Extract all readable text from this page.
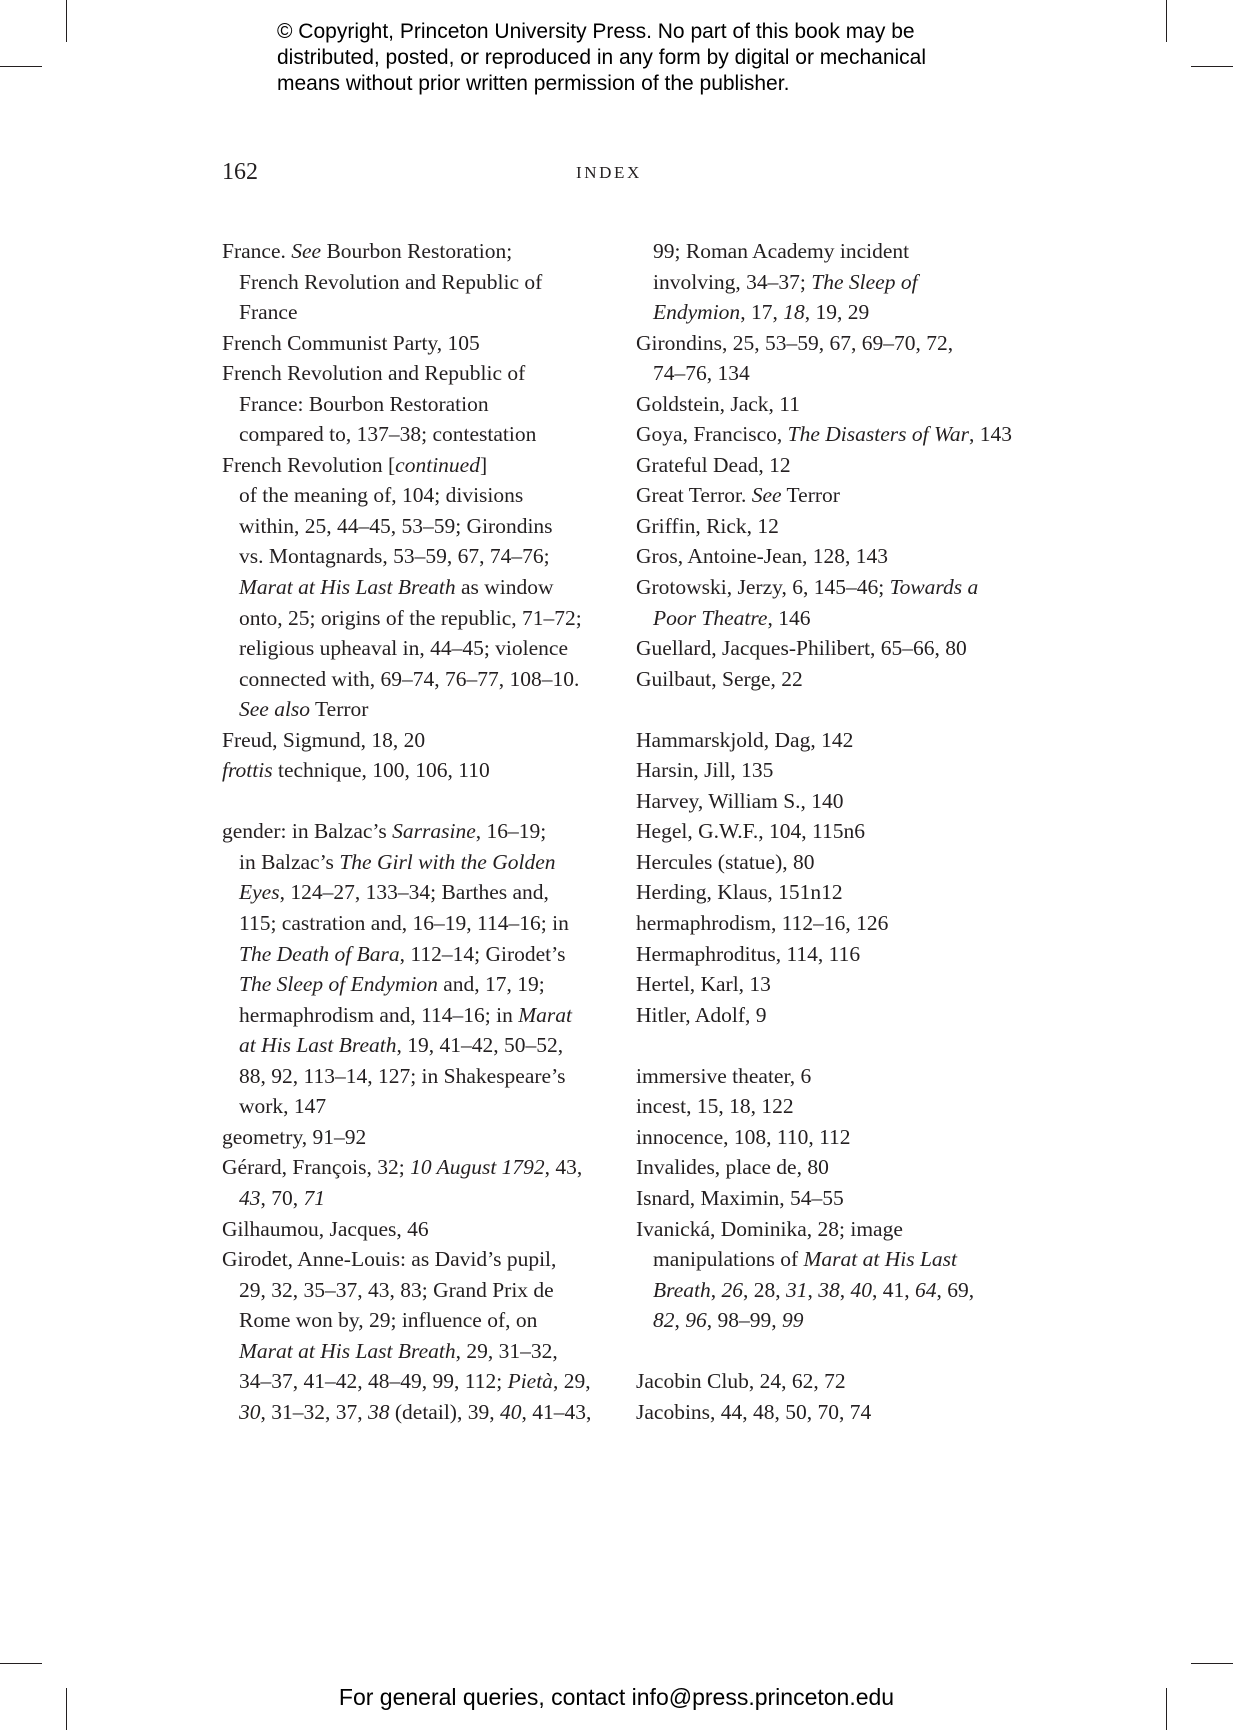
© Copyright, Princeton University Press. No part of this book may be
distributed, posted, or reproduced in any form by digital or mechanical
means without prior written permission of the publisher.
162	INDEX
France. See Bourbon Restoration;
French Revolution and Republic of
France
French Communist Party, 105
French Revolution and Republic of
France: Bourbon Restoration
compared to, 137–38; contestation
French Revolution [continued]
of the meaning of, 104; divisions
within, 25, 44–45, 53–59; Girondins
vs. Montagnards, 53–59, 67, 74–76;
Marat at His Last Breath as window
onto, 25; origins of the republic, 71–72;
religious upheaval in, 44–45; violence
connected with, 69–74, 76–77, 108–10.
See also Terror
Freud, Sigmund, 18, 20
frottis technique, 100, 106, 110
gender: in Balzac’s Sarrasine, 16–19;
in Balzac’s The Girl with the Golden
Eyes, 124–27, 133–34; Barthes and,
115; castration and, 16–19, 114–16; in
The Death of Bara, 112–14; Girodet’s
The Sleep of Endymion and, 17, 19;
hermaphrodism and, 114–16; in Marat
at His Last Breath, 19, 41–42, 50–52,
88, 92, 113–14, 127; in Shakespeare’s
work, 147
geometry, 91–92
Gérard, François, 32; 10 August 1792, 43,
43, 70, 71
Gilhaumou, Jacques, 46
Girodet, Anne-Louis: as David’s pupil,
29, 32, 35–37, 43, 83; Grand Prix de
Rome won by, 29; influence of, on
Marat at His Last Breath, 29, 31–32,
34–37, 41–42, 48–49, 99, 112; Pietà, 29,
30, 31–32, 37, 38 (detail), 39, 40, 41–43,
99; Roman Academy incident
involving, 34–37; The Sleep of
Endymion, 17, 18, 19, 29
Girondins, 25, 53–59, 67, 69–70, 72,
74–76, 134
Goldstein, Jack, 11
Goya, Francisco, The Disasters of War, 143
Grateful Dead, 12
Great Terror. See Terror
Griffin, Rick, 12
Gros, Antoine-Jean, 128, 143
Grotowski, Jerzy, 6, 145–46; Towards a
Poor Theatre, 146
Guellard, Jacques-Philibert, 65–66, 80
Guilbaut, Serge, 22
Hammarskjold, Dag, 142
Harsin, Jill, 135
Harvey, William S., 140
Hegel, G.W.F., 104, 115n6
Hercules (statue), 80
Herding, Klaus, 151n12
hermaphrodism, 112–16, 126
Hermaphroditus, 114, 116
Hertel, Karl, 13
Hitler, Adolf, 9
immersive theater, 6
incest, 15, 18, 122
innocence, 108, 110, 112
Invalides, place de, 80
Isnard, Maximin, 54–55
Ivanická, Dominika, 28; image
manipulations of Marat at His Last
Breath, 26, 28, 31, 38, 40, 41, 64, 69,
82, 96, 98–99, 99
Jacobin Club, 24, 62, 72
Jacobins, 44, 48, 50, 70, 74
For general queries, contact info@press.princeton.edu
